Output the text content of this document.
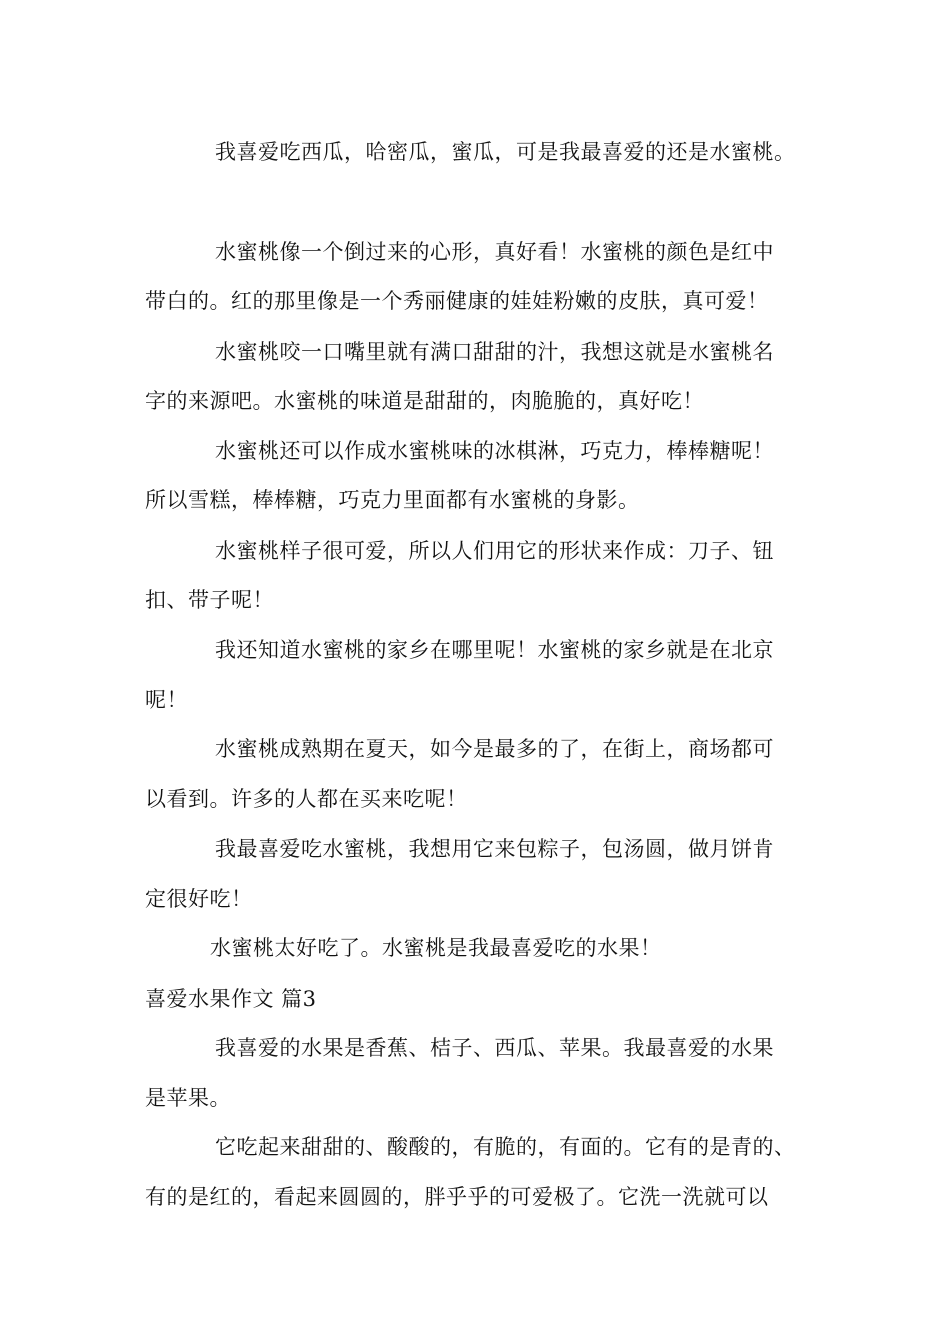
我喜爱吃西瓜，哈密瓜，蜜瓜，可是我最喜爱的还是水蜜桃。
水蜜桃像一个倒过来的心形，真好看！水蜜桃的颜色是红中
带白的。红的那里像是一个秀丽健康的娃娃粉嫩的皮肤，真可爱！
水蜜桃咬一口嘴里就有满口甜甜的汁，我想这就是水蜜桃名
字的来源吧。水蜜桃的味道是甜甜的，肉脆脆的，真好吃！
水蜜桃还可以作成水蜜桃味的冰棋淋，巧克力，棒棒糖呢！
所以雪糕，棒棒糖，巧克力里面都有水蜜桃的身影。
水蜜桃样子很可爱，所以人们用它的形状来作成：刀子、钮
扣、带子呢！
我还知道水蜜桃的家乡在哪里呢！水蜜桃的家乡就是在北京
呢！
水蜜桃成熟期在夏天，如今是最多的了，在街上，商场都可
以看到。许多的人都在买来吃呢！
我最喜爱吃水蜜桃，我想用它来包粽子，包汤圆，做月饼肯
定很好吃！
水蜜桃太好吃了。水蜜桃是我最喜爱吃的水果！
喜爱水果作文 篇3
我喜爱的水果是香蕉、桔子、西瓜、苹果。我最喜爱的水果
是苹果。
它吃起来甜甜的、酸酸的，有脆的，有面的。它有的是青的、
有的是红的，看起来圆圆的，胖乎乎的可爱极了。它洗一洗就可以
